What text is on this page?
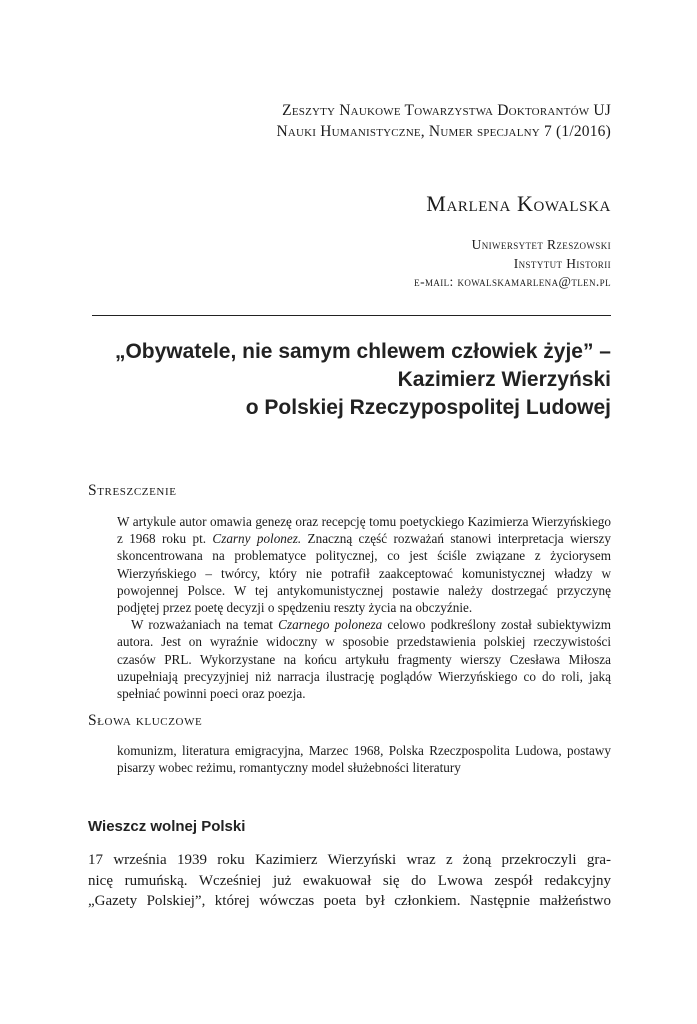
Zeszyty Naukowe Towarzystwa Doktorantów UJ
Nauki Humanistyczne, Numer specjalny 7 (1/2016)
Marlena Kowalska
Uniwersytet Rzeszowski
Instytut Historii
e-mail: kowalskamarlena@tlen.pl
„Obywatele, nie samym chlewem człowiek żyje” –
Kazimierz Wierzyński
o Polskiej Rzeczypospolitej Ludowej
Streszczenie

W artykule autor omawia genezę oraz recepcję tomu poetyckiego Kazimierza Wierzyńskiego z 1968 roku pt. Czarny polonez. Znaczną część rozważań stanowi interpretacja wierszy skoncentrowana na problematyce politycznej, co jest ściśle związane z życiorysem Wierzyńskiego – twórcy, który nie potrafił zaakceptować komunistycznej władzy w powojennej Polsce. W tej antykomunistycznej postawie należy dostrzegać przyczynę podjętej przez poetę decyzji o spędzeniu reszty życia na obczyźnie.

W rozważaniach na temat Czarnego poloneza celowo podkreślony został subiektywizm autora. Jest on wyraźnie widoczny w sposobie przedstawienia polskiej rzeczywistości czasów PRL. Wykorzystane na końcu artykułu fragmenty wierszy Czesława Miłosza uzupełniają precyzyjniej niż narracja ilustrację poglądów Wierzyńskiego co do roli, jaką spełniać powinni poeci oraz poezja.

Słowa kluczowe

komunizm, literatura emigracyjna, Marzec 1968, Polska Rzeczpospolita Ludowa, postawy pisarzy wobec reżimu, romantyczny model służebności literatury

Wieszcz wolnej Polski
17 września 1939 roku Kazimierz Wierzyński wraz z żoną przekroczyli gra-
nicę rumuńską. Wcześniej już ewakuował się do Lwowa zespół redakcyjny
„Gazety Polskiej”, której wówczas poeta był członkiem. Następnie małżeństwo
